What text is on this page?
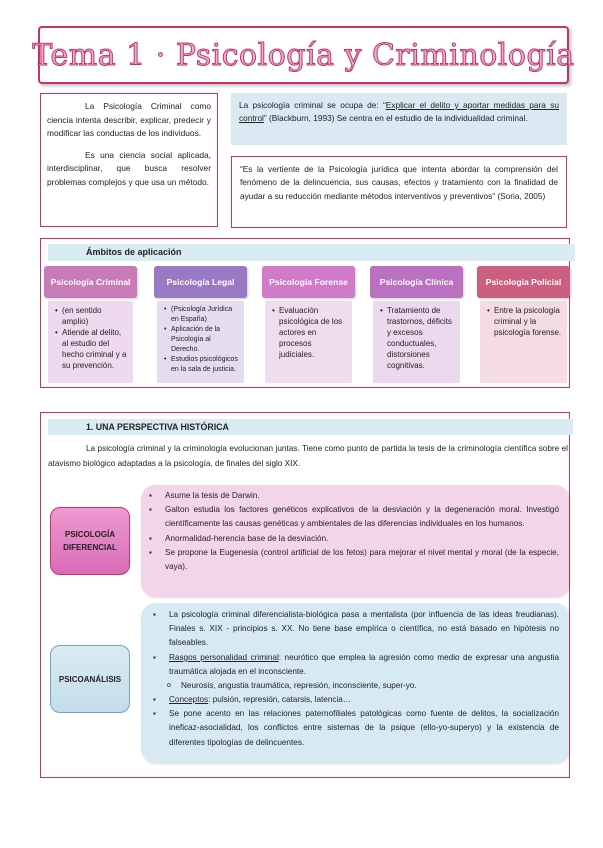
Tema 1 · Psicología y Criminología

La Psicología Criminal como ciencia intenta describir, explicar, predecir y modificar las conductas de los individuos.

Es una ciencia social aplicada, interdisciplinar, que busca resolver problemas complejos y que usa un método.

La psicología criminal se ocupa de: “Explicar el delito y aportar medidas para su control” (Blackburn, 1993) Se centra en el estudio de la individualidad criminal.
“Es la vertiente de la Psicología jurídica que intenta abordar la comprensión del fenómeno de la delincuencia, sus causas, efectos y tratamiento con la finalidad de ayudar a su reducción mediante métodos interventivos y preventivos” (Soria, 2005)
Ámbitos de aplicación
Psicología Criminal	Psicología Legal	Psicología Forense	Psicología Clínica	Psicología Policial
• (en sentido amplio)
• Atiende al delito, al estudio del hecho criminal y a su prevención.
• (Psicología Jurídica en España)
• Aplicación de la Psicología al Derecho.
• Estudios psicológicos en la sala de justicia.
• Evaluación psicológica de los actores en procesos judiciales.
• Tratamiento de trastornos, déficits y excesos conductuales, distorsiones cognitivas.
• Entre la psicología criminal y la psicología forense.
1. UNA PERSPECTIVA HISTÓRICA
La psicología criminal y la criminología evolucionan juntas. Tiene como punto de partida la tesis de la criminología científica sobre el atavismo biológico adaptadas a la psicología, de finales del siglo XIX.
▪ Asume la tesis de Darwin.
▪ Galton estudia los factores genéticos explicativos de la desviación y la degeneración moral. Investigó científicamente las causas genéticas y ambientales de las diferencias individuales en los humanos.
▪ Anormalidad-herencia base de la desviación.
▪ Se propone la Eugenesia (control artificial de los fetos) para mejorar el nivel mental y moral (de la especie, vaya).
PSICOLOGÍA DIFERENCIAL
▪ La psicología criminal diferencialista-biológica pasa a mentalista (por influencia de las ideas freudianas). Finales s. XIX - principios s. XX. No tiene base empírica o científica, no está basado en hipótesis no falseables.
▪ Rasgos personalidad criminal: neurótico que emplea la agresión como medio de expresar una angustia traumática alojada en el inconsciente.
o Neurosis, angustia traumática, represión, inconsciente, super-yo.
▪ Conceptos: pulsión, represión, catarsis, latencia…
▪ Se pone acento en las relaciones paternofiliales patológicas como fuente de delitos, la socialización ineficaz-asocialidad, los conflictos entre sistemas de la psique (ello-yo-superyo) y la existencia de diferentes tipologías de delincuentes.
PSICOANÁLISIS
